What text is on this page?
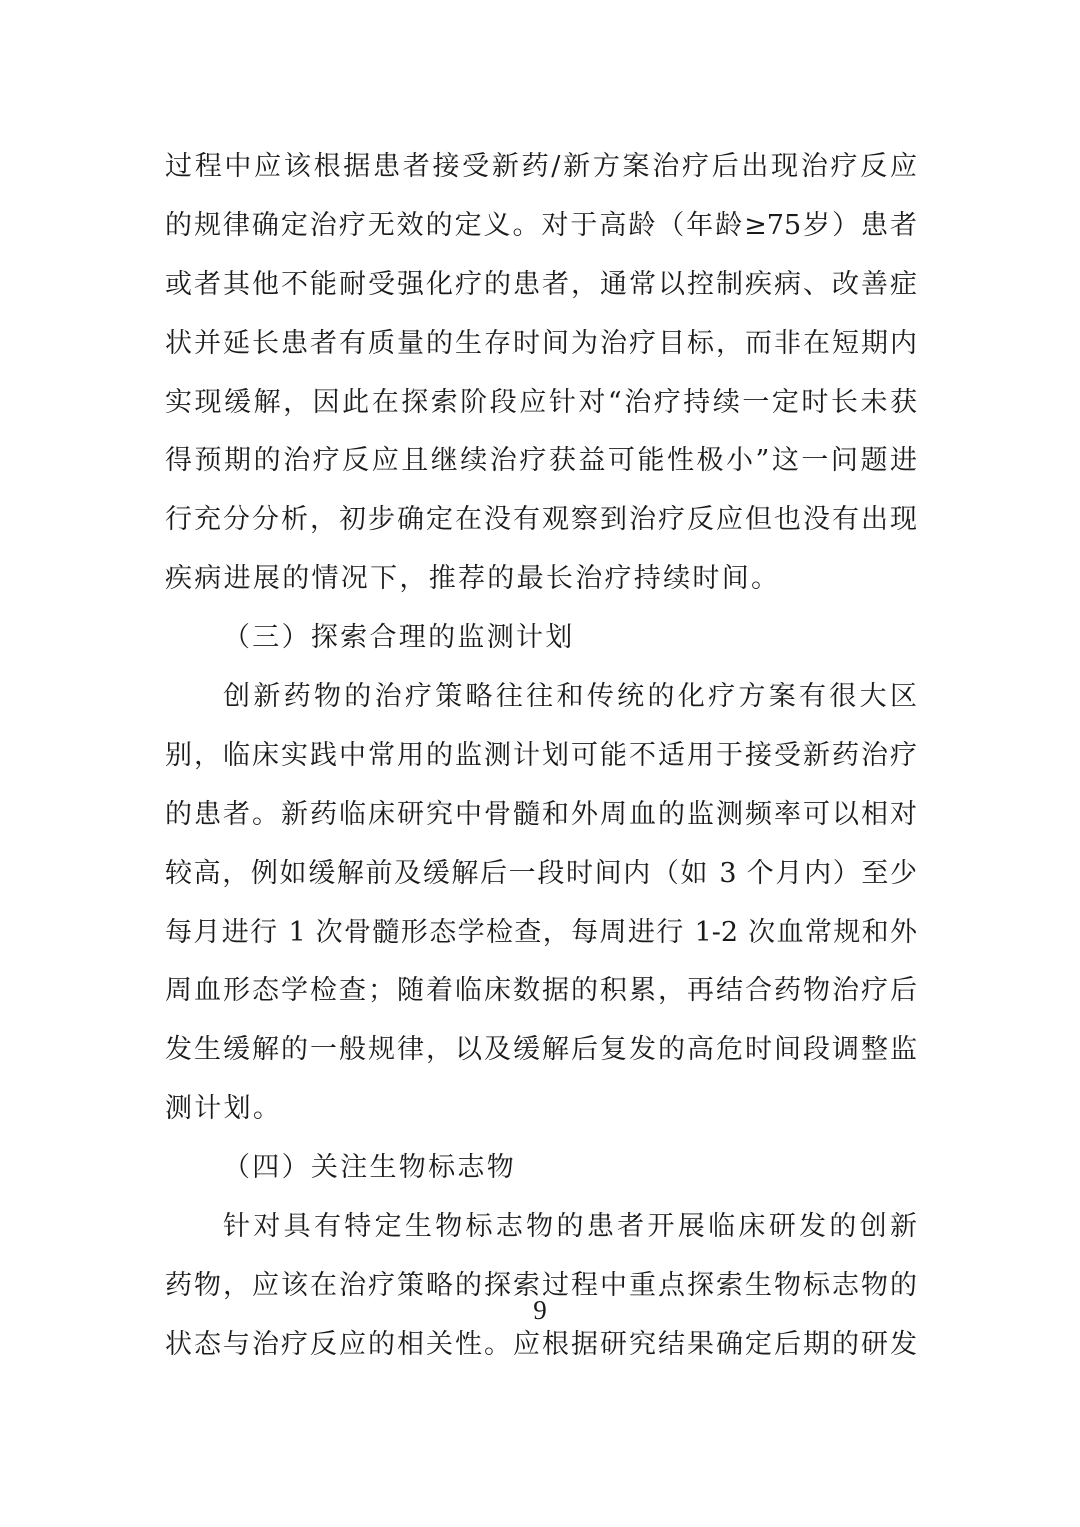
过程中应该根据患者接受新药/新方案治疗后出现治疗反应
的规律确定治疗无效的定义。对于高龄（年龄≥75岁）患者
或者其他不能耐受强化疗的患者，通常以控制疾病、改善症
状并延长患者有质量的生存时间为治疗目标，而非在短期内
实现缓解，因此在探索阶段应针对“治疗持续一定时长未获
得预期的治疗反应且继续治疗获益可能性极小”这一问题进
行充分分析，初步确定在没有观察到治疗反应但也没有出现
疾病进展的情况下，推荐的最长治疗持续时间。
（三）探索合理的监测计划
创新药物的治疗策略往往和传统的化疗方案有很大区
别，临床实践中常用的监测计划可能不适用于接受新药治疗
的患者。新药临床研究中骨髓和外周血的监测频率可以相对
较高，例如缓解前及缓解后一段时间内（如 3 个月内）至少
每月进行 1 次骨髓形态学检查，每周进行 1-2 次血常规和外
周血形态学检查；随着临床数据的积累，再结合药物治疗后
发生缓解的一般规律，以及缓解后复发的高危时间段调整监
测计划。
（四）关注生物标志物
针对具有特定生物标志物的患者开展临床研发的创新
药物，应该在治疗策略的探索过程中重点探索生物标志物的
状态与治疗反应的相关性。应根据研究结果确定后期的研发
9
